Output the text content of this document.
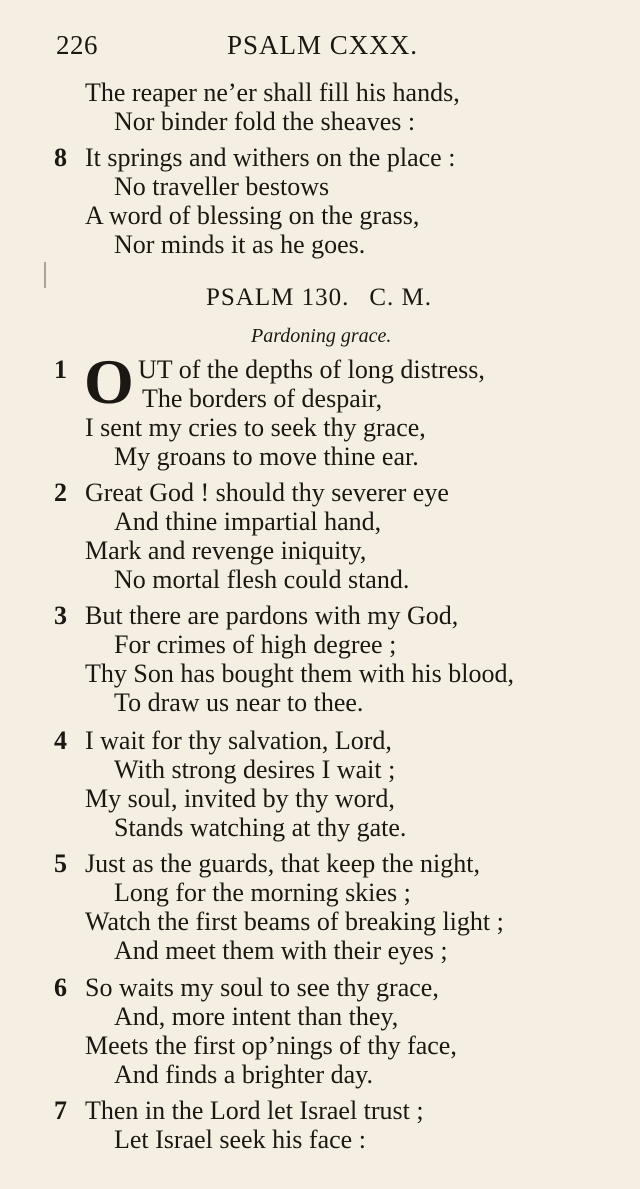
226	PSALM CXXX.
The reaper ne’er shall fill his hands,
Nor binder fold the sheaves :
8 It springs and withers on the place :
No traveller bestows
A word of blessing on the grass,
Nor minds it as he goes.
PSALM 130. C. M.
Pardoning grace.
1 O UT of the depths of long distress,
The borders of despair,
I sent my cries to seek thy grace,
My groans to move thine ear.
2 Great God ! should thy severer eye
And thine impartial hand,
Mark and revenge iniquity,
No mortal flesh could stand.
3 But there are pardons with my God,
For crimes of high degree ;
Thy Son has bought them with his blood,
To draw us near to thee.
4 I wait for thy salvation, Lord,
With strong desires I wait ;
My soul, invited by thy word,
Stands watching at thy gate.
5 Just as the guards, that keep the night,
Long for the morning skies ;
Watch the first beams of breaking light ;
And meet them with their eyes ;
6 So waits my soul to see thy grace,
And, more intent than they,
Meets the first op’nings of thy face,
And finds a brighter day.
7 Then in the Lord let Israel trust ;
Let Israel seek his face :
